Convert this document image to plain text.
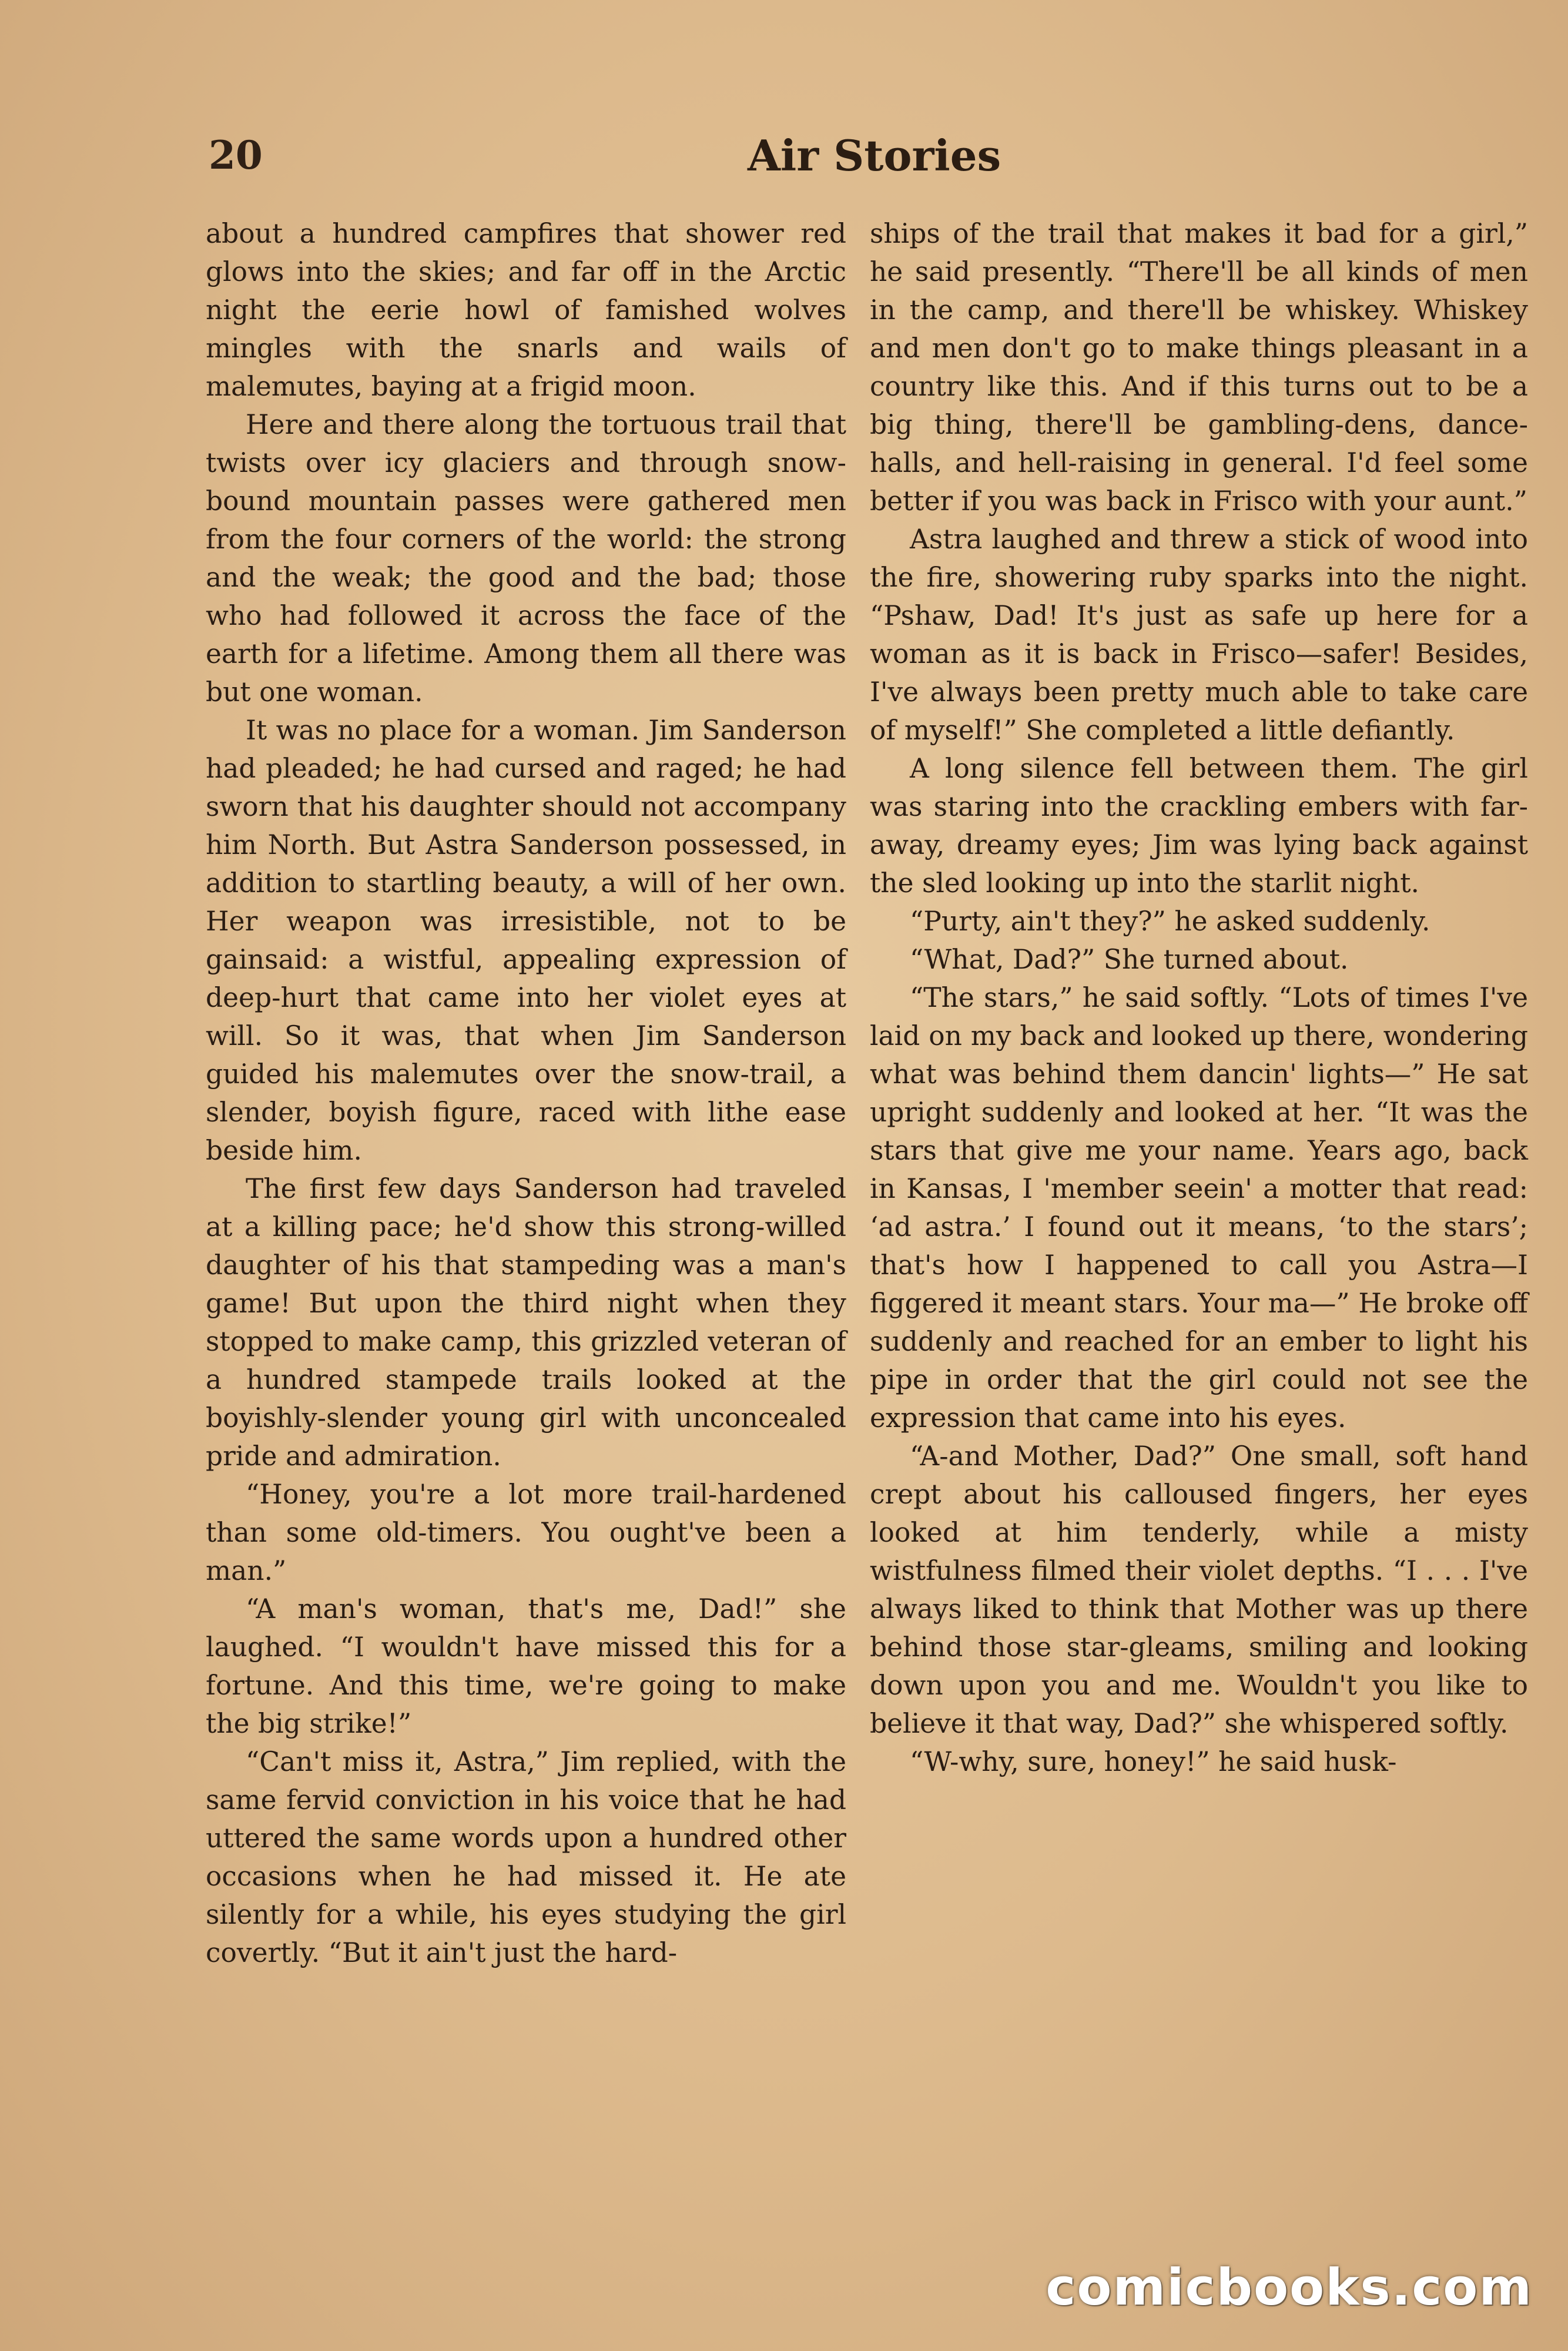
20	Air Stories

about a hundred campfires that shower red glows into the skies; and far off in the Arctic night the eerie howl of famished wolves mingles with the snarls and wails of malemutes, baying at a frigid moon.

Here and there along the tortuous trail that twists over icy glaciers and through snow-bound mountain passes were gathered men from the four corners of the world: the strong and the weak; the good and the bad; those who had followed it across the face of the earth for a lifetime. Among them all there was but one woman.

It was no place for a woman. Jim Sanderson had pleaded; he had cursed and raged; he had sworn that his daughter should not accompany him North. But Astra Sanderson possessed, in addition to startling beauty, a will of her own. Her weapon was irresistible, not to be gainsaid: a wistful, appealing expression of deep-hurt that came into her violet eyes at will. So it was, that when Jim Sanderson guided his malemutes over the snow-trail, a slender, boyish figure, raced with lithe ease beside him.

The first few days Sanderson had traveled at a killing pace; he'd show this strong-willed daughter of his that stampeding was a man's game! But upon the third night when they stopped to make camp, this grizzled veteran of a hundred stampede trails looked at the boyishly-slender young girl with unconcealed pride and admiration.

“Honey, you're a lot more trail-hardened than some old-timers. You ought've been a man.”

“A man's woman, that's me, Dad!” she laughed. “I wouldn't have missed this for a fortune. And this time, we're going to make the big strike!”

“Can't miss it, Astra,” Jim replied, with the same fervid conviction in his voice that he had uttered the same words upon a hundred other occasions when he had missed it. He ate silently for a while, his eyes studying the girl covertly. “But it ain't just the hard-

ships of the trail that makes it bad for a girl,” he said presently. “There'll be all kinds of men in the camp, and there'll be whiskey. Whiskey and men don't go to make things pleasant in a country like this. And if this turns out to be a big thing, there'll be gambling-dens, dance-halls, and hell-raising in general. I'd feel some better if you was back in Frisco with your aunt.”

Astra laughed and threw a stick of wood into the fire, showering ruby sparks into the night. “Pshaw, Dad! It's just as safe up here for a woman as it is back in Frisco—safer! Besides, I've always been pretty much able to take care of myself!” She completed a little defiantly.

A long silence fell between them. The girl was staring into the crackling embers with far-away, dreamy eyes; Jim was lying back against the sled looking up into the starlit night.

“Purty, ain't they?” he asked suddenly.

“What, Dad?” She turned about.

“The stars,” he said softly. “Lots of times I've laid on my back and looked up there, wondering what was behind them dancin' lights—” He sat upright suddenly and looked at her. “It was the stars that give me your name. Years ago, back in Kansas, I 'member seein' a motter that read: ‘ad astra.’ I found out it means, ‘to the stars’; that's how I happened to call you Astra—I figgered it meant stars. Your ma—” He broke off suddenly and reached for an ember to light his pipe in order that the girl could not see the expression that came into his eyes.

“A-and Mother, Dad?” One small, soft hand crept about his calloused fingers, her eyes looked at him tenderly, while a misty wistfulness filmed their violet depths. “I . . . I've always liked to think that Mother was up there behind those star-gleams, smiling and looking down upon you and me. Wouldn't you like to believe it that way, Dad?” she whispered softly.

“W-why, sure, honey!” he said husk-

comicbooks.com
